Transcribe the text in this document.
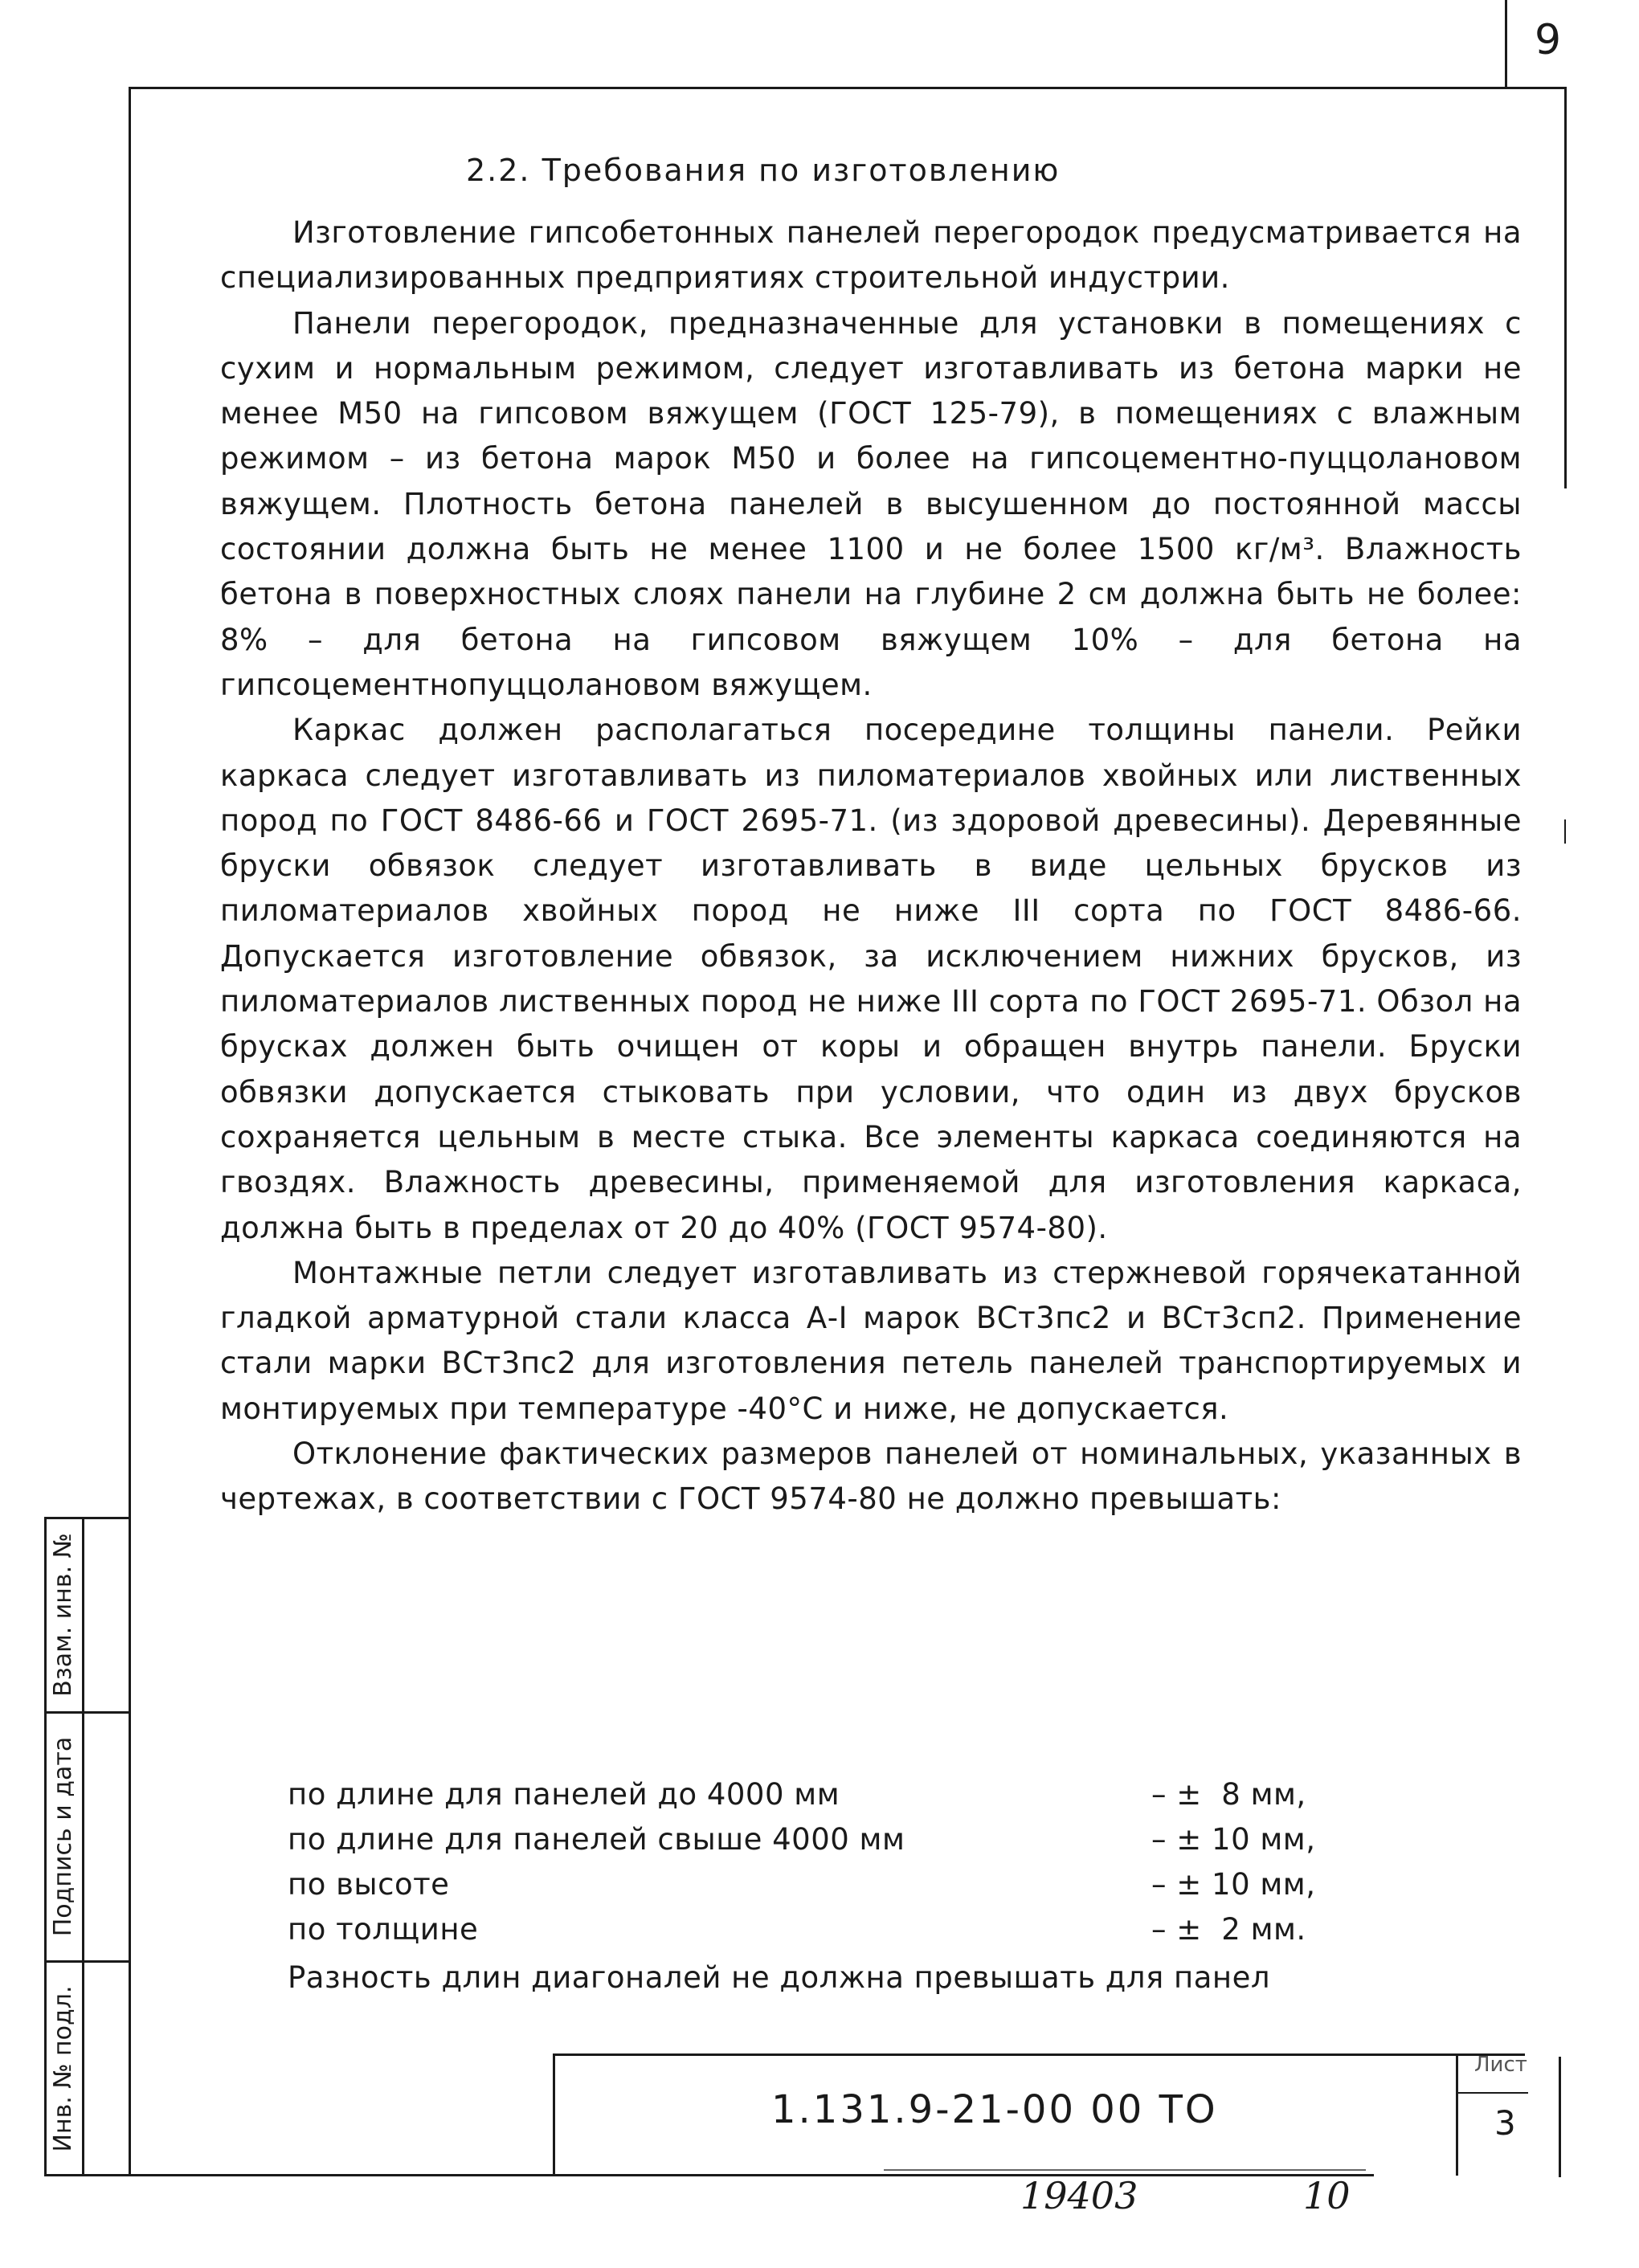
9
Взам. инв. №
Подпись и дата
Инв. № подл.
2.2. Требования по изготовлению

Изготовление гипсобетонных панелей перегородок предусматривается на специализированных предприятиях строительной индустрии.

Панели перегородок, предназначенные для установки в помещениях с сухим и нормальным режимом, следует изготавливать из бетона марки не менее М50 на гипсовом вяжущем (ГОСТ 125-79), в помещениях с влажным режимом – из бетона марок М50 и более на гипсоцементно-пуццолановом вяжущем. Плотность бетона панелей в высушенном до постоянной массы состоянии должна быть не менее 1100 и не более 1500 кг/м³. Влажность бетона в поверхностных слоях панели на глубине 2 см должна быть не более: 8% – для бетона на гипсовом вяжущем 10% – для бетона на гипсоцементнопуццолановом вяжущем.

Каркас должен располагаться посередине толщины панели. Рейки каркаса следует изготавливать из пиломатериалов хвойных или лиственных пород по ГОСТ 8486-66 и ГОСТ 2695-71. (из здоровой древесины). Деревянные бруски обвязок следует изготавливать в виде цельных брусков из пиломатериалов хвойных пород не ниже III сорта по ГОСТ 8486-66. Допускается изготовление обвязок, за исключением нижних брусков, из пиломатериалов лиственных пород не ниже III сорта по ГОСТ 2695-71. Обзол на брусках должен быть очищен от коры и обращен внутрь панели. Бруски обвязки допускается стыковать при условии, что один из двух брусков сохраняется цельным в месте стыка. Все элементы каркаса соединяются на гвоздях. Влажность древесины, применяемой для изготовления каркаса, должна быть в пределах от 20 до 40% (ГОСТ 9574-80).

Монтажные петли следует изготавливать из стержневой горячекатанной гладкой арматурной стали класса А-I марок ВСт3пс2 и ВСт3сп2. Применение стали марки ВСт3пс2 для изготовления петель панелей транспортируемых и монтируемых при температуре -40°С и ниже, не допускается.

Отклонение фактических размеров панелей от номинальных, указанных в чертежах, в соответствии с ГОСТ 9574-80 не должно превышать:

по длине для панелей до 4000 мм	– ±  8 мм,
по длине для панелей свыше 4000 мм	– ± 10 мм,
по высоте	– ± 10 мм,
по толщине	– ±  2 мм.
Разность длин диагоналей не должна превышать для панел
Лист
1.131.9-21-00 00 ТО	3
19403	10
